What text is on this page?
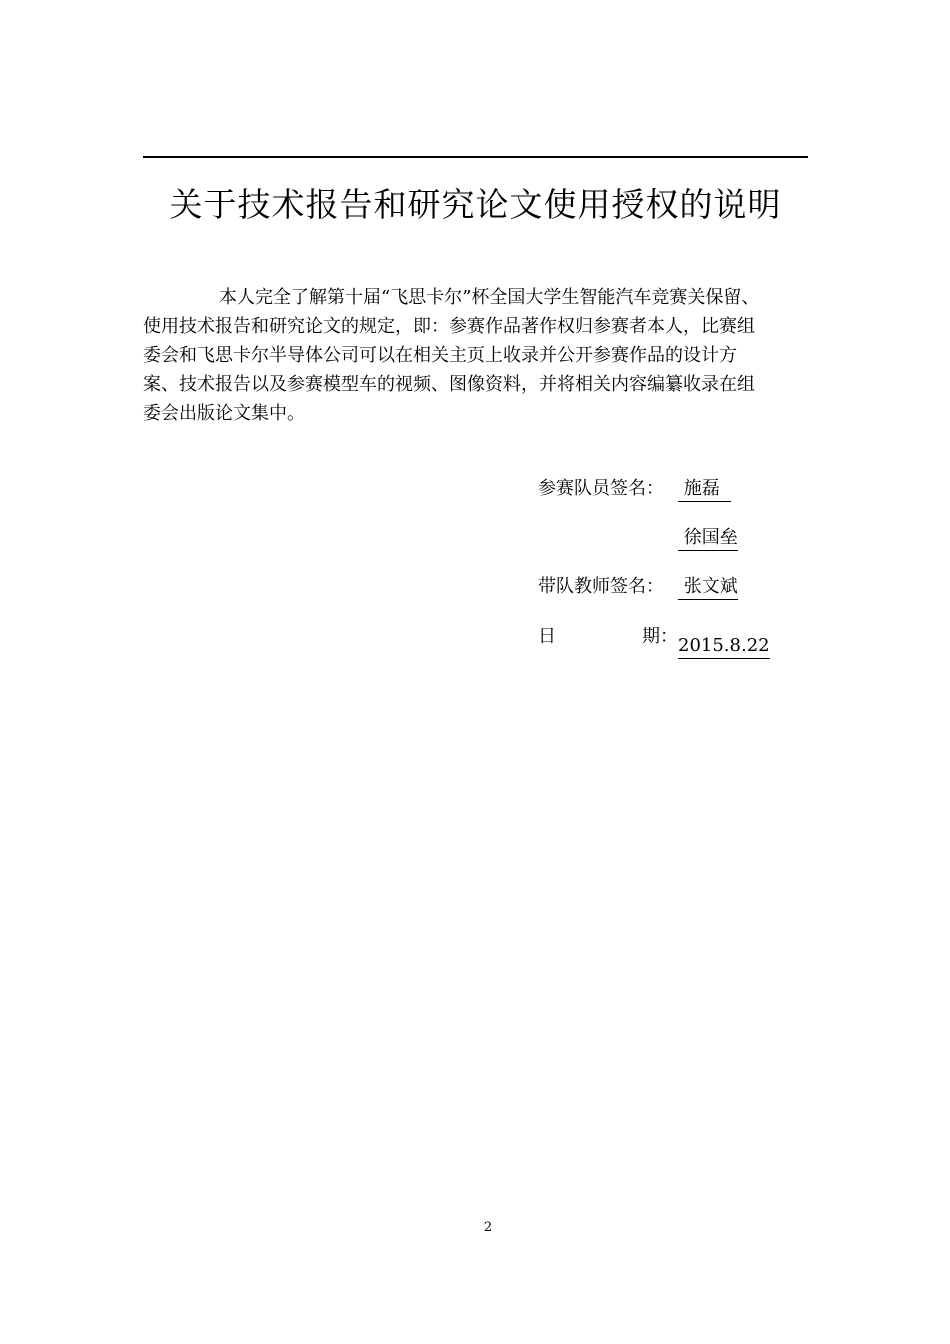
关于技术报告和研究论文使用授权的说明
本人完全了解第十届“飞思卡尔”杯全国大学生智能汽车竞赛关保留、
使用技术报告和研究论文的规定，即：参赛作品著作权归参赛者本人，比赛组
委会和飞思卡尔半导体公司可以在相关主页上收录并公开参赛作品的设计方
案、技术报告以及参赛模型车的视频、图像资料，并将相关内容编纂收录在组
委会出版论文集中。
参赛队员签名： 施磊
徐国垒
带队教师签名： 张文斌
日	期： 2015.8.22
2
